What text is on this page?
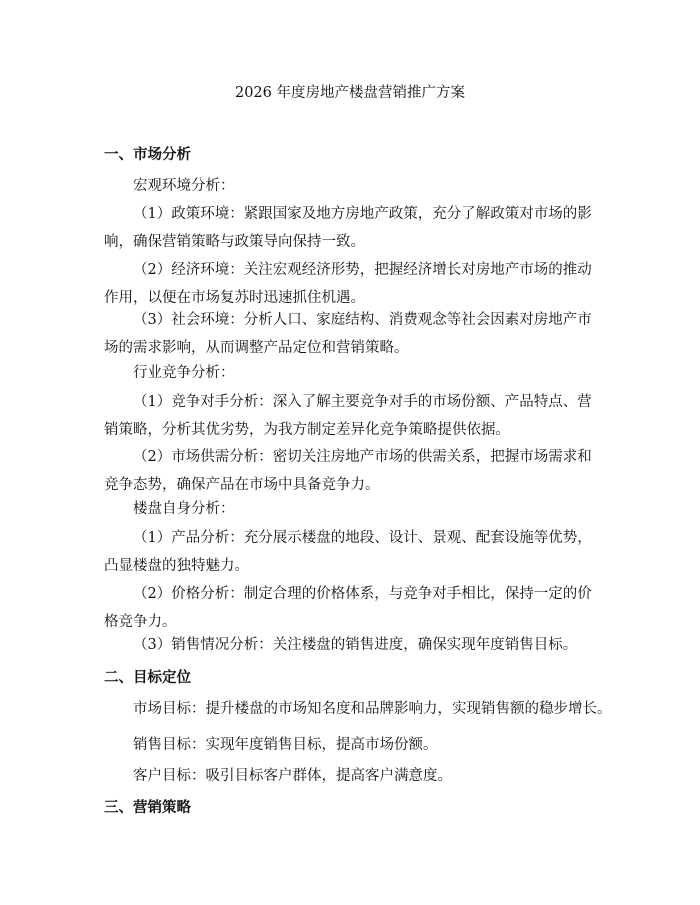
2026 年度房地产楼盘营销推广方案
一、市场分析
宏观环境分析：
（1）政策环境：紧跟国家及地方房地产政策，充分了解政策对市场的影响，确保营销策略与政策导向保持一致。
（2）经济环境：关注宏观经济形势，把握经济增长对房地产市场的推动作用，以便在市场复苏时迅速抓住机遇。
（3）社会环境：分析人口、家庭结构、消费观念等社会因素对房地产市场的需求影响，从而调整产品定位和营销策略。
行业竞争分析：
（1）竞争对手分析：深入了解主要竞争对手的市场份额、产品特点、营销策略，分析其优劣势，为我方制定差异化竞争策略提供依据。
（2）市场供需分析：密切关注房地产市场的供需关系，把握市场需求和竞争态势，确保产品在市场中具备竞争力。
楼盘自身分析：
（1）产品分析：充分展示楼盘的地段、设计、景观、配套设施等优势，凸显楼盘的独特魅力。
（2）价格分析：制定合理的价格体系，与竞争对手相比，保持一定的价格竞争力。
（3）销售情况分析：关注楼盘的销售进度，确保实现年度销售目标。
二、目标定位
市场目标：提升楼盘的市场知名度和品牌影响力，实现销售额的稳步增长。
销售目标：实现年度销售目标，提高市场份额。
客户目标：吸引目标客户群体，提高客户满意度。
三、营销策略
